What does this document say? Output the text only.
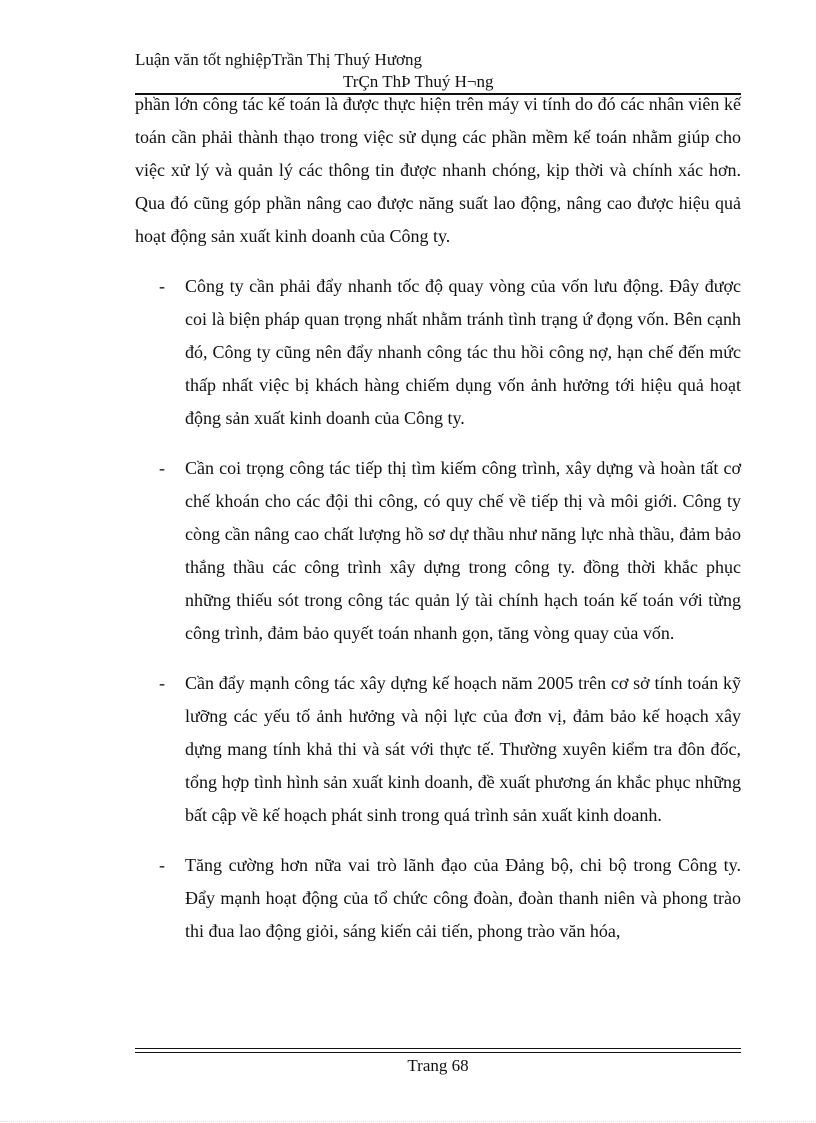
Luận văn tốt nghiệpTrần Thị Thuý Hương
TrÇn ThÞ Thuý H¬ng

phần lớn công tác kế toán là được thực hiện trên máy vi tính do đó các nhân viên kế toán cần phải thành thạo trong việc sử dụng các phần mềm kế toán nhằm giúp cho việc xử lý và quản lý các thông tin được nhanh chóng, kịp thời và chính xác hơn. Qua đó cũng góp phần nâng cao được năng suất lao động, nâng cao được hiệu quả hoạt động sản xuất kinh doanh của Công ty.

-	Công ty cần phải đẩy nhanh tốc độ quay vòng của vốn lưu động. Đây được coi là biện pháp quan trọng nhất nhằm tránh tình trạng ứ đọng vốn. Bên cạnh đó, Công ty cũng nên đẩy nhanh công tác thu hồi công nợ, hạn chế đến mức thấp nhất việc bị khách hàng chiếm dụng vốn ảnh hưởng tới hiệu quả hoạt động sản xuất kinh doanh của Công ty.

-	Cần coi trọng công tác tiếp thị tìm kiếm công trình, xây dựng và hoàn tất cơ chế khoán cho các đội thi công, có quy chế về tiếp thị và môi giới. Công ty còng cần nâng cao chất lượng hồ sơ dự thầu như năng lực nhà thầu, đảm bảo thắng thầu các công trình xây dựng trong công ty. đồng thời khắc phục những thiếu sót trong công tác quản lý tài chính hạch toán kế toán với từng công trình, đảm bảo quyết toán nhanh gọn, tăng vòng quay của vốn.

-	Cần đẩy mạnh công tác xây dựng kế hoạch năm 2005 trên cơ sở tính toán kỹ lưỡng các yếu tố ảnh hưởng và nội lực của đơn vị, đảm bảo kế hoạch xây dựng mang tính khả thi và sát với thực tế. Thường xuyên kiểm tra đôn đốc, tổng hợp tình hình sản xuất kinh doanh, đề xuất phương án khắc phục những bất cập về kế hoạch phát sinh trong quá trình sản xuất kinh doanh.

-	Tăng cường hơn nữa vai trò lãnh đạo của Đảng bộ, chi bộ trong Công ty. Đẩy mạnh hoạt động của tổ chức công đoàn, đoàn thanh niên và phong trào thi đua lao động giỏi, sáng kiến cải tiến, phong trào văn hóa,

Trang 68
